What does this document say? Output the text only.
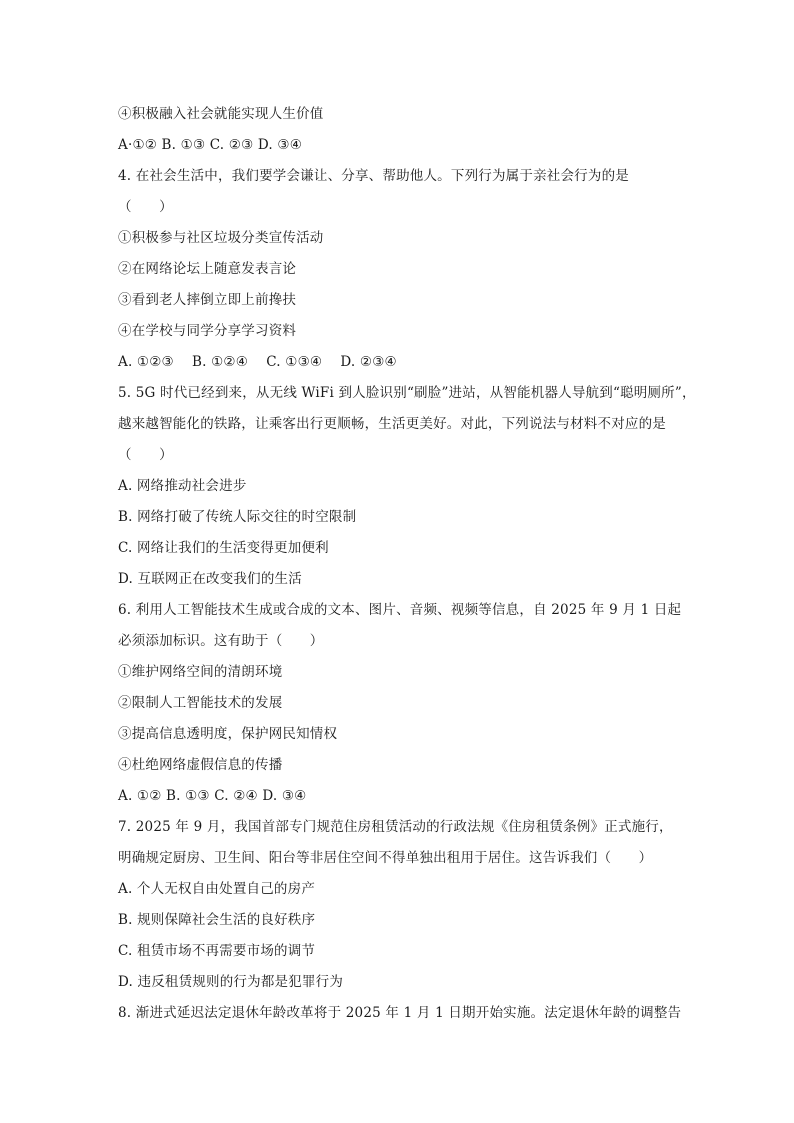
④积极融入社会就能实现人生价值
A·①② B. ①③ C. ②③ D. ③④
4. 在社会生活中，我们要学会谦让、分享、帮助他人。下列行为属于亲社会行为的是
（　　）
①积极参与社区垃圾分类宣传活动
②在网络论坛上随意发表言论
③看到老人摔倒立即上前搀扶
④在学校与同学分享学习资料
A. ①②③　 B. ①②④　 C. ①③④　 D. ②③④
5. 5G 时代已经到来，从无线 WiFi 到人脸识别“刷脸”进站，从智能机器人导航到“聪明厕所”，
越来越智能化的铁路，让乘客出行更顺畅，生活更美好。对此，下列说法与材料不对应的是
（　　）
A. 网络推动社会进步
B. 网络打破了传统人际交往的时空限制
C. 网络让我们的生活变得更加便利
D. 互联网正在改变我们的生活
6. 利用人工智能技术生成或合成的文本、图片、音频、视频等信息，自 2025 年 9 月 1 日起
必须添加标识。这有助于（　　）
①维护网络空间的清朗环境
②限制人工智能技术的发展
③提高信息透明度，保护网民知情权
④杜绝网络虚假信息的传播
A. ①② B. ①③ C. ②④ D. ③④
7. 2025 年 9 月，我国首部专门规范住房租赁活动的行政法规《住房租赁条例》正式施行，
明确规定厨房、卫生间、阳台等非居住空间不得单独出租用于居住。这告诉我们（　　）
A. 个人无权自由处置自己的房产
B. 规则保障社会生活的良好秩序
C. 租赁市场不再需要市场的调节
D. 违反租赁规则的行为都是犯罪行为
8. 渐进式延迟法定退休年龄改革将于 2025 年 1 月 1 日期开始实施。法定退休年龄的调整告
